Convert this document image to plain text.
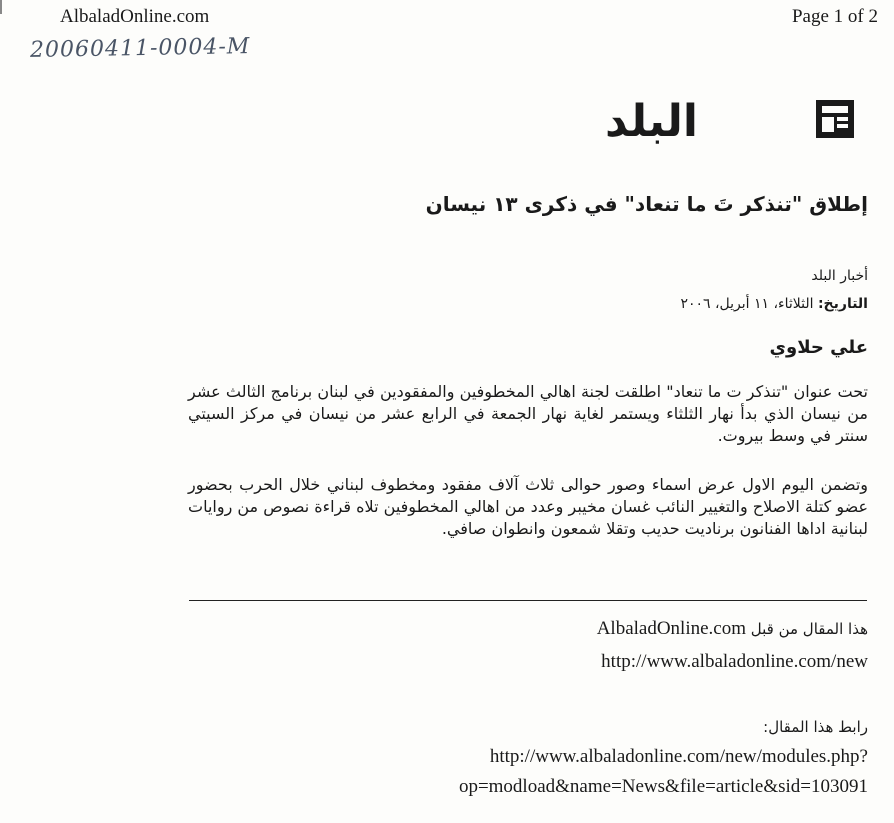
AlbaladOnline.com	Page 1 of 2
20060411-0004-M
البلد
إطلاق "تنذكر تَ ما تنعاد" في ذكرى ١٣ نيسان
أخبار البلد
التاريخ: الثلاثاء، ١١ أبريل، ٢٠٠٦
علي حلاوي
تحت عنوان "تنذكر ت ما تنعاد" اطلقت لجنة اهالي المخطوفين والمفقودين في لبنان برنامج الثالث عشر من نيسان الذي بدأ نهار الثلثاء ويستمر لغاية نهار الجمعة في الرابع عشر من نيسان في مركز السيتي سنتر في وسط بيروت.
وتضمن اليوم الاول عرض اسماء وصور حوالى ثلاث آلاف مفقود ومخطوف لبناني خلال الحرب بحضور عضو كتلة الاصلاح والتغيير النائب غسان مخيبر وعدد من اهالي المخطوفين تلاه قراءة نصوص من روايات لبنانية اداها الفنانون برناديت حديب وتقلا شمعون وانطوان صافي.
هذا المقال من قبل AlbaladOnline.com
http://www.albaladonline.com/new
رابط هذا المقال:
http://www.albaladonline.com/new/modules.php?
op=modload&name=News&file=article&sid=103091
